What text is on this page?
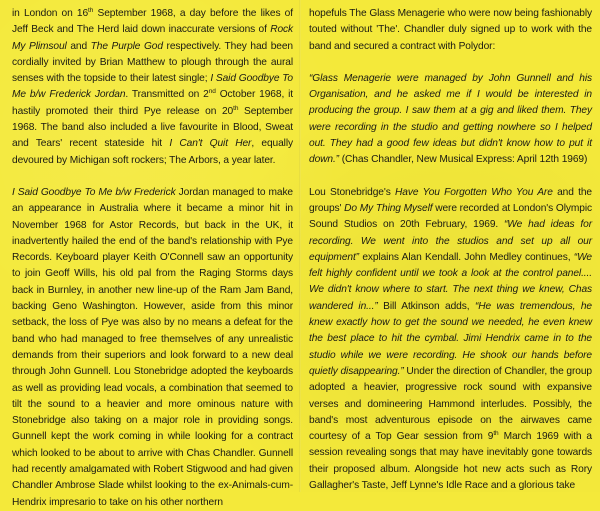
in London on 16th September 1968, a day before the likes of Jeff Beck and The Herd laid down inaccurate versions of Rock My Plimsoul and The Purple God respectively. They had been cordially invited by Brian Matthew to plough through the aural senses with the topside to their latest single; I Said Goodbye To Me b/w Frederick Jordan. Transmitted on 2nd October 1968, it hastily promoted their third Pye release on 20th September 1968. The band also included a live favourite in Blood, Sweat and Tears' recent stateside hit I Can't Quit Her, equally devoured by Michigan soft rockers; The Arbors, a year later.

I Said Goodbye To Me b/w Frederick Jordan managed to make an appearance in Australia where it became a minor hit in November 1968 for Astor Records, but back in the UK, it inadvertently hailed the end of the band's relationship with Pye Records. Keyboard player Keith O'Connell saw an opportunity to join Geoff Wills, his old pal from the Raging Storms days back in Burnley, in another new line-up of the Ram Jam Band, backing Geno Washington. However, aside from this minor setback, the loss of Pye was also by no means a defeat for the band who had managed to free themselves of any unrealistic demands from their superiors and look forward to a new deal through John Gunnell. Lou Stonebridge adopted the keyboards as well as providing lead vocals, a combination that seemed to tilt the sound to a heavier and more ominous nature with Stonebridge also taking on a major role in providing songs. Gunnell kept the work coming in while looking for a contract which looked to be about to arrive with Chas Chandler. Gunnell had recently amalgamated with Robert Stigwood and had given Chandler Ambrose Slade whilst looking to the ex-Animals-cum-Hendrix impresario to take on his other northern

hopefuls The Glass Menagerie who were now being fashionably touted without 'The'. Chandler duly signed up to work with the band and secured a contract with Polydor:

“Glass Menagerie were managed by John Gunnell and his Organisation, and he asked me if I would be interested in producing the group. I saw them at a gig and liked them. They were recording in the studio and getting nowhere so I helped out. They had a good few ideas but didn't know how to put it down.” (Chas Chandler, New Musical Express: April 12th 1969)

Lou Stonebridge's Have You Forgotten Who You Are and the groups' Do My Thing Myself were recorded at London's Olympic Sound Studios on 20th February, 1969. “We had ideas for recording. We went into the studios and set up all our equipment” explains Alan Kendall. John Medley continues, “We felt highly confident until we took a look at the control panel.... We didn't know where to start. The next thing we knew, Chas wandered in...” Bill Atkinson adds, “He was tremendous, he knew exactly how to get the sound we needed, he even knew the best place to hit the cymbal. Jimi Hendrix came in to the studio while we were recording. He shook our hands before quietly disappearing.” Under the direction of Chandler, the group adopted a heavier, progressive rock sound with expansive verses and domineering Hammond interludes. Possibly, the band's most adventurous episode on the airwaves came courtesy of a Top Gear session from 9th March 1969 with a session revealing songs that may have inevitably gone towards their proposed album. Alongside hot new acts such as Rory Gallagher's Taste, Jeff Lynne's Idle Race and a glorious take
